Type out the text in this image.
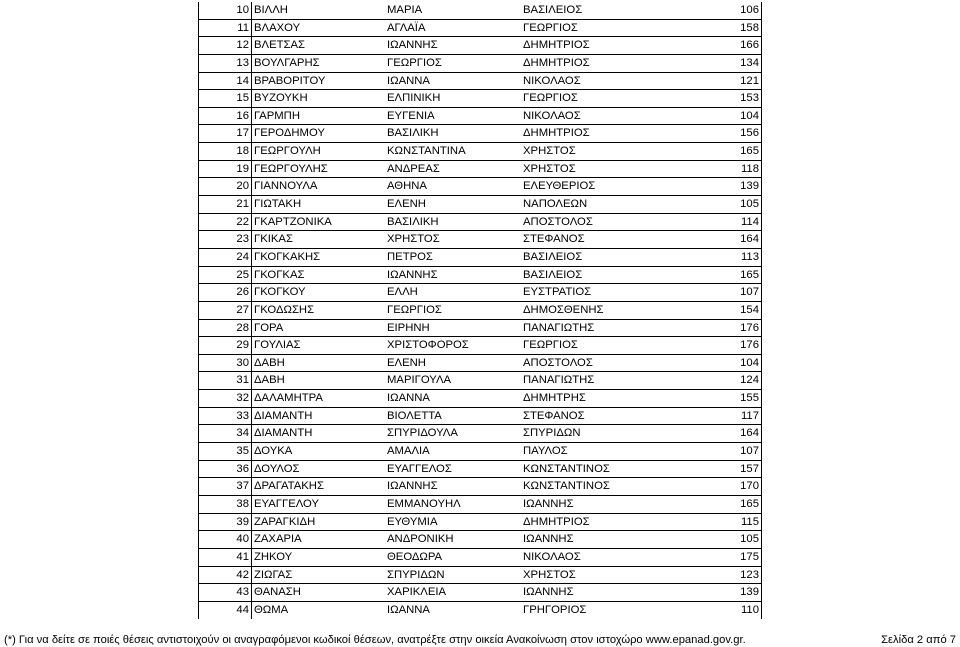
10 ΒΙΛΛΗ	ΜΑΡΙΑ	ΒΑΣΙΛΕΙΟΣ	106
11 ΒΛΑΧΟΥ	ΑΓΛΑΪΑ	ΓΕΩΡΓΙΟΣ	158
12 ΒΛΕΤΣΑΣ	ΙΩΑΝΝΗΣ	ΔΗΜΗΤΡΙΟΣ	166
13 ΒΟΥΛΓΑΡΗΣ	ΓΕΩΡΓΙΟΣ	ΔΗΜΗΤΡΙΟΣ	134
14 ΒΡΑΒΟΡΙΤΟΥ	ΙΩΑΝΝΑ	ΝΙΚΟΛΑΟΣ	121
15 ΒΥΖΟΥΚΗ	ΕΛΠΙΝΙΚΗ	ΓΕΩΡΓΙΟΣ	153
16 ΓΑΡΜΠΗ	ΕΥΓΕΝΙΑ	ΝΙΚΟΛΑΟΣ	104
17 ΓΕΡΟΔΗΜΟΥ	ΒΑΣΙΛΙΚΗ	ΔΗΜΗΤΡΙΟΣ	156
18 ΓΕΩΡΓΟΥΛΗ	ΚΩΝΣΤΑΝΤΙΝΑ	ΧΡΗΣΤΟΣ	165
19 ΓΕΩΡΓΟΥΛΗΣ	ΑΝΔΡΕΑΣ	ΧΡΗΣΤΟΣ	118
20 ΓΙΑΝΝΟΥΛΑ	ΑΘΗΝΑ	ΕΛΕΥΘΕΡΙΟΣ	139
21 ΓΙΩΤΑΚΗ	ΕΛΕΝΗ	ΝΑΠΟΛΕΩΝ	105
22 ΓΚΑΡΤΖΟΝΙΚΑ	ΒΑΣΙΛΙΚΗ	ΑΠΟΣΤΟΛΟΣ	114
23 ΓΚΙΚΑΣ	ΧΡΗΣΤΟΣ	ΣΤΕΦΑΝΟΣ	164
24 ΓΚΟΓΚΑΚΗΣ	ΠΕΤΡΟΣ	ΒΑΣΙΛΕΙΟΣ	113
25 ΓΚΟΓΚΑΣ	ΙΩΑΝΝΗΣ	ΒΑΣΙΛΕΙΟΣ	165
26 ΓΚΟΓΚΟΥ	ΕΛΛΗ	ΕΥΣΤΡΑΤΙΟΣ	107
27 ΓΚΟΔΩΣΗΣ	ΓΕΩΡΓΙΟΣ	ΔΗΜΟΣΘΕΝΗΣ	154
28 ΓΟΡΑ	ΕΙΡΗΝΗ	ΠΑΝΑΓΙΩΤΗΣ	176
29 ΓΟΥΛΙΑΣ	ΧΡΙΣΤΟΦΟΡΟΣ	ΓΕΩΡΓΙΟΣ	176
30 ΔΑΒΗ	ΕΛΕΝΗ	ΑΠΟΣΤΟΛΟΣ	104
31 ΔΑΒΗ	ΜΑΡΙΓΟΥΛΑ	ΠΑΝΑΓΙΩΤΗΣ	124
32 ΔΑΛΑΜΗΤΡΑ	ΙΩΑΝΝΑ	ΔΗΜΗΤΡΗΣ	155
33 ΔΙΑΜΑΝΤΗ	ΒΙΟΛΕΤΤΑ	ΣΤΕΦΑΝΟΣ	117
34 ΔΙΑΜΑΝΤΗ	ΣΠΥΡΙΔΟΥΛΑ	ΣΠΥΡΙΔΩΝ	164
35 ΔΟΥΚΑ	ΑΜΑΛΙΑ	ΠΑΥΛΟΣ	107
36 ΔΟΥΛΟΣ	ΕΥΑΓΓΕΛΟΣ	ΚΩΝΣΤΑΝΤΙΝΟΣ	157
37 ΔΡΑΓΑΤΑΚΗΣ	ΙΩΑΝΝΗΣ	ΚΩΝΣΤΑΝΤΙΝΟΣ	170
38 ΕΥΑΓΓΕΛΟΥ	ΕΜΜΑΝΟΥΗΛ	ΙΩΑΝΝΗΣ	165
39 ΖΑΡΑΓΚΙΔΗ	ΕΥΘΥΜΙΑ	ΔΗΜΗΤΡΙΟΣ	115
40 ΖΑΧΑΡΙΑ	ΑΝΔΡΟΝΙΚΗ	ΙΩΑΝΝΗΣ	105
41 ΖΗΚΟΥ	ΘΕΟΔΩΡΑ	ΝΙΚΟΛΑΟΣ	175
42 ΖΙΩΓΑΣ	ΣΠΥΡΙΔΩΝ	ΧΡΗΣΤΟΣ	123
43 ΘΑΝΑΣΗ	ΧΑΡΙΚΛΕΙΑ	ΙΩΑΝΝΗΣ	139
44 ΘΩΜΑ	ΙΩΑΝΝΑ	ΓΡΗΓΟΡΙΟΣ	110
(*) Για να δείτε σε ποιές θέσεις αντιστοιχούν οι αναγραφόμενοι κωδικοί θέσεων, ανατρέξτε στην οικεία Ανακοίνωση στον ιστοχώρο www.epanad.gov.gr.	Σελίδα 2 από 7
